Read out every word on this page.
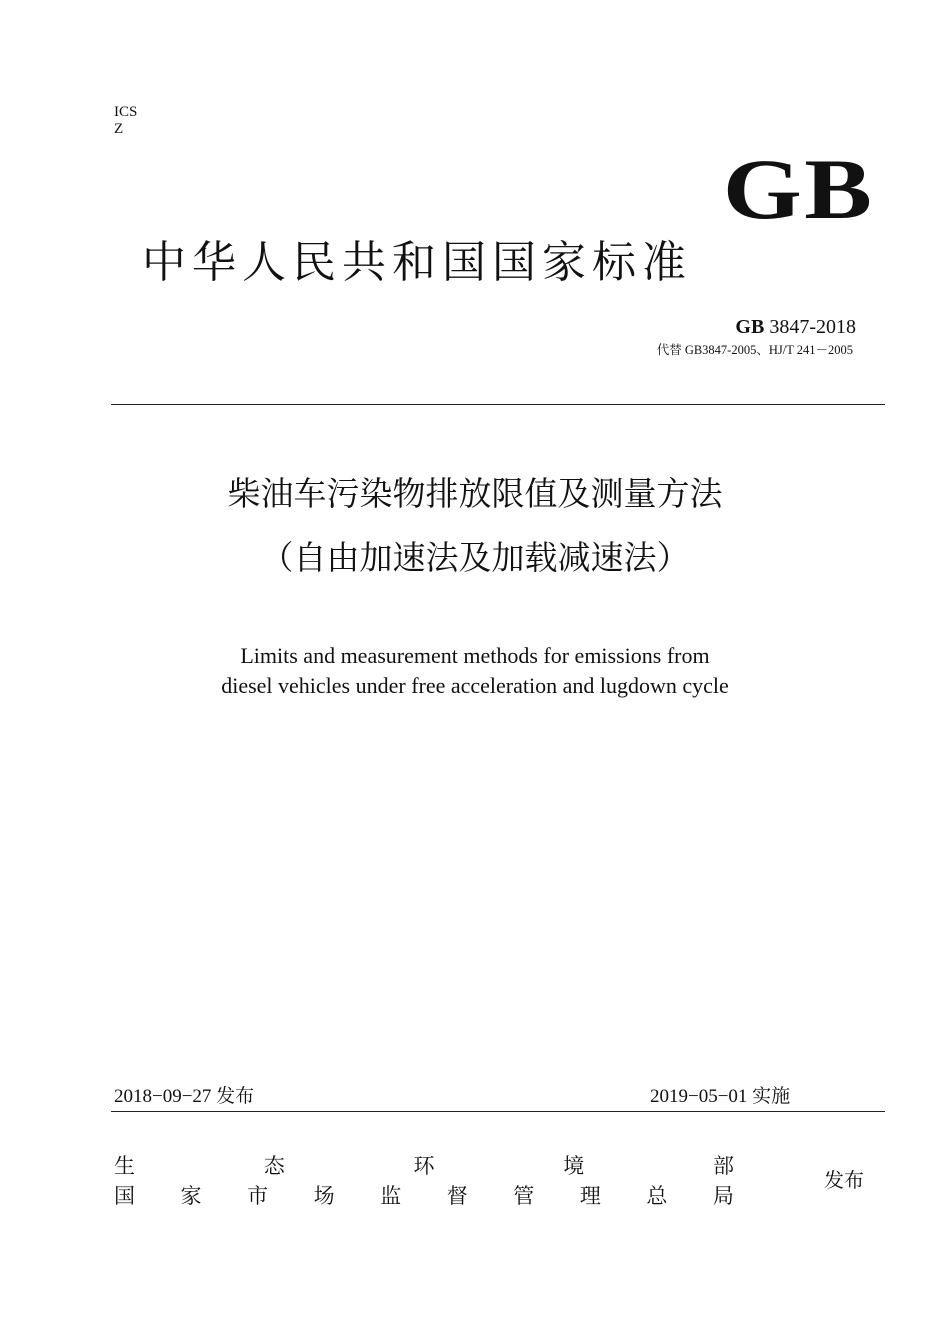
ICS
Z
GB
中华人民共和国国家标准
GB 3847-2018
代替 GB3847-2005、HJ/T 241－2005
柴油车污染物排放限值及测量方法
（自由加速法及加载减速法）
Limits and measurement methods for emissions from
diesel vehicles under free acceleration and lugdown cycle
2018−09−27 发布	2019−05−01 实施
生	态	环	境	部
国 家 市 场 监 督 管 理 总 局
发布
